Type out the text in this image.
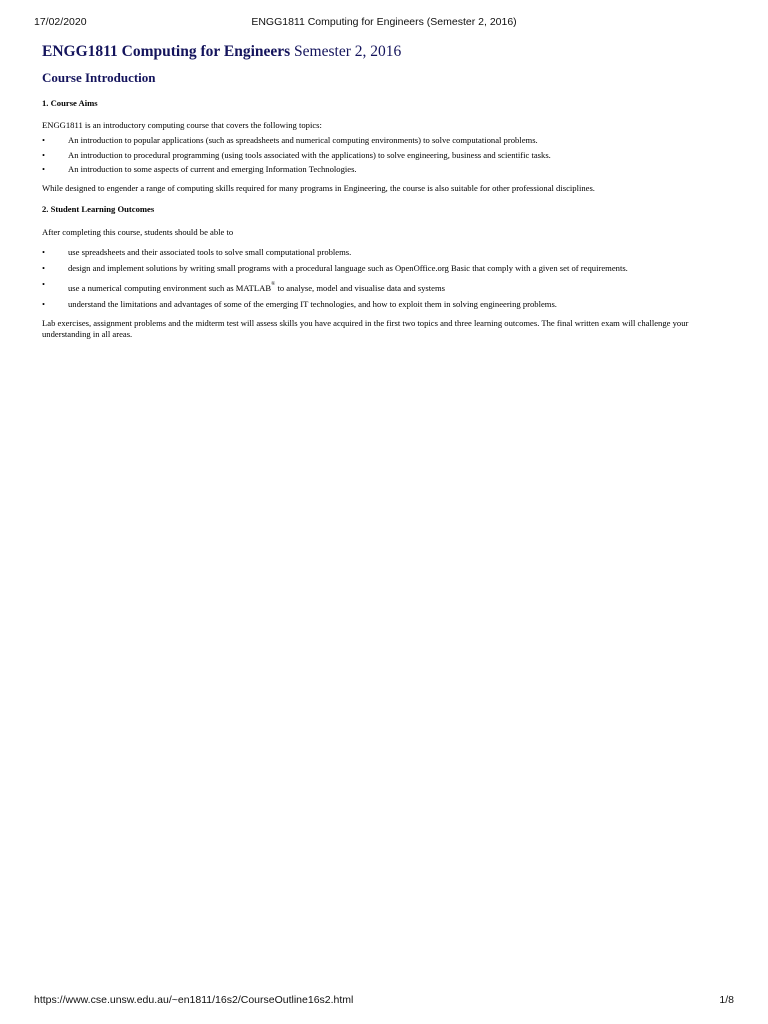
17/02/2020	ENGG1811 Computing for Engineers (Semester 2, 2016)
ENGG1811 Computing for Engineers Semester 2, 2016
Course Introduction

1. Course Aims

ENGG1811 is an introductory computing course that covers the following topics:

•	An introduction to popular applications (such as spreadsheets and numerical computing environments) to solve computational problems.
•	An introduction to procedural programming (using tools associated with the applications) to solve engineering, business and scientific tasks.
•	An introduction to some aspects of current and emerging Information Technologies.

While designed to engender a range of computing skills required for many programs in Engineering, the course is also suitable for other professional disciplines.

2. Student Learning Outcomes

After completing this course, students should be able to

•	use spreadsheets and their associated tools to solve small computational problems.
•	design and implement solutions by writing small programs with a procedural language such as OpenOffice.org Basic that comply with a given set of requirements.
•	use a numerical computing environment such as MATLAB® to analyse, model and visualise data and systems
•	understand the limitations and advantages of some of the emerging IT technologies, and how to exploit them in solving engineering problems.

Lab exercises, assignment problems and the midterm test will assess skills you have acquired in the first two topics and three learning outcomes. The final written exam will challenge your understanding in all areas.

https://www.cse.unsw.edu.au/~en1811/16s2/CourseOutline16s2.html	1/8
